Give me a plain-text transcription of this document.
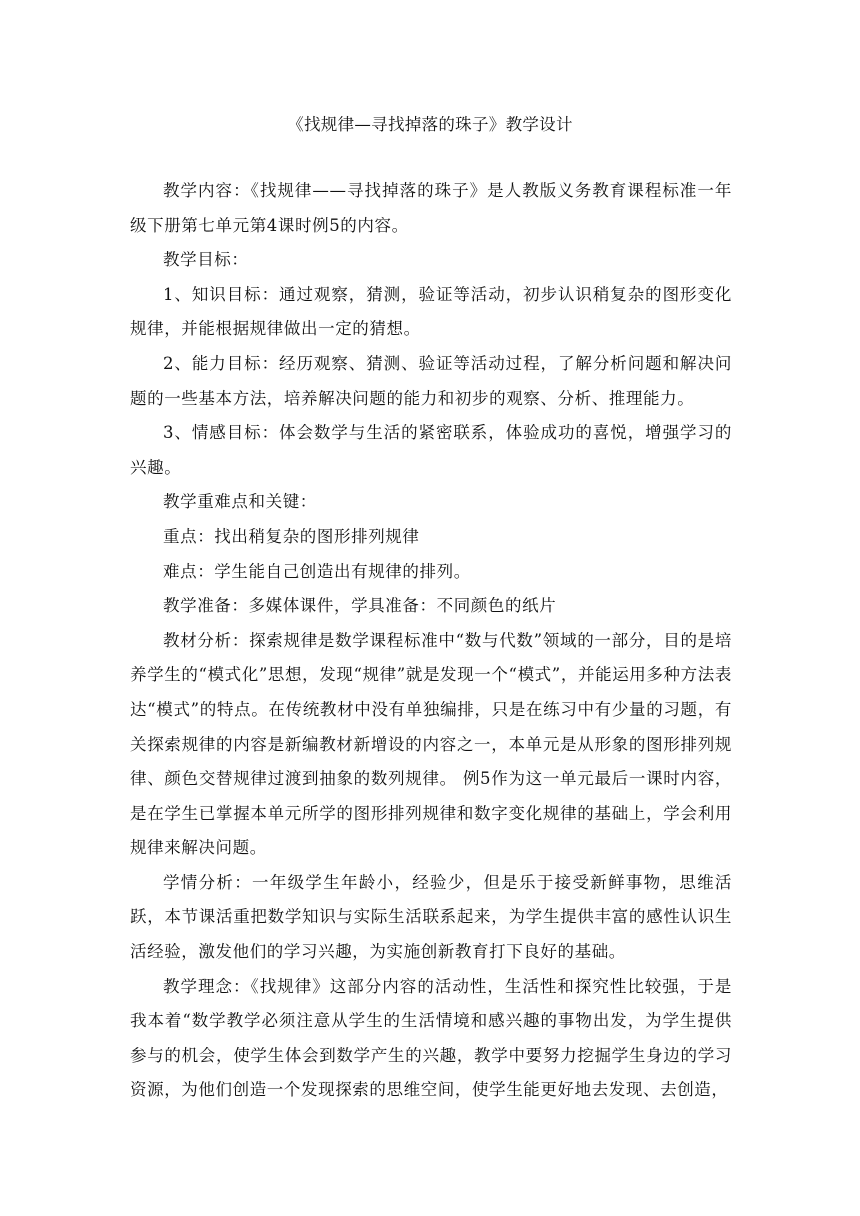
《找规律—寻找掉落的珠子》教学设计

教学内容：《找规律——寻找掉落的珠子》是人教版义务教育课程标准一年级下册第七单元第4课时例5的内容。

教学目标：

1、知识目标：通过观察，猜测，验证等活动，初步认识稍复杂的图形变化规律，并能根据规律做出一定的猜想。

2、能力目标：经历观察、猜测、验证等活动过程，了解分析问题和解决问题的一些基本方法，培养解决问题的能力和初步的观察、分析、推理能力。

3、情感目标：体会数学与生活的紧密联系，体验成功的喜悦，增强学习的兴趣。

教学重难点和关键：

重点：找出稍复杂的图形排列规律

难点：学生能自己创造出有规律的排列。

教学准备：多媒体课件，学具准备：不同颜色的纸片

教材分析：探索规律是数学课程标准中“数与代数”领域的一部分，目的是培养学生的“模式化”思想，发现“规律”就是发现一个“模式”，并能运用多种方法表达“模式”的特点。在传统教材中没有单独编排，只是在练习中有少量的习题，有关探索规律的内容是新编教材新增设的内容之一，本单元是从形象的图形排列规律、颜色交替规律过渡到抽象的数列规律。 例5作为这一单元最后一课时内容，是在学生已掌握本单元所学的图形排列规律和数字变化规律的基础上，学会利用规律来解决问题。

学情分析：一年级学生年龄小，经验少，但是乐于接受新鲜事物，思维活跃，本节课活重把数学知识与实际生活联系起来，为学生提供丰富的感性认识生活经验，激发他们的学习兴趣，为实施创新教育打下良好的基础。

教学理念：《找规律》这部分内容的活动性，生活性和探究性比较强，于是我本着“数学教学必须注意从学生的生活情境和感兴趣的事物出发，为学生提供参与的机会，使学生体会到数学产生的兴趣，教学中要努力挖掘学生身边的学习资源，为他们创造一个发现探索的思维空间，使学生能更好地去发现、去创造，
